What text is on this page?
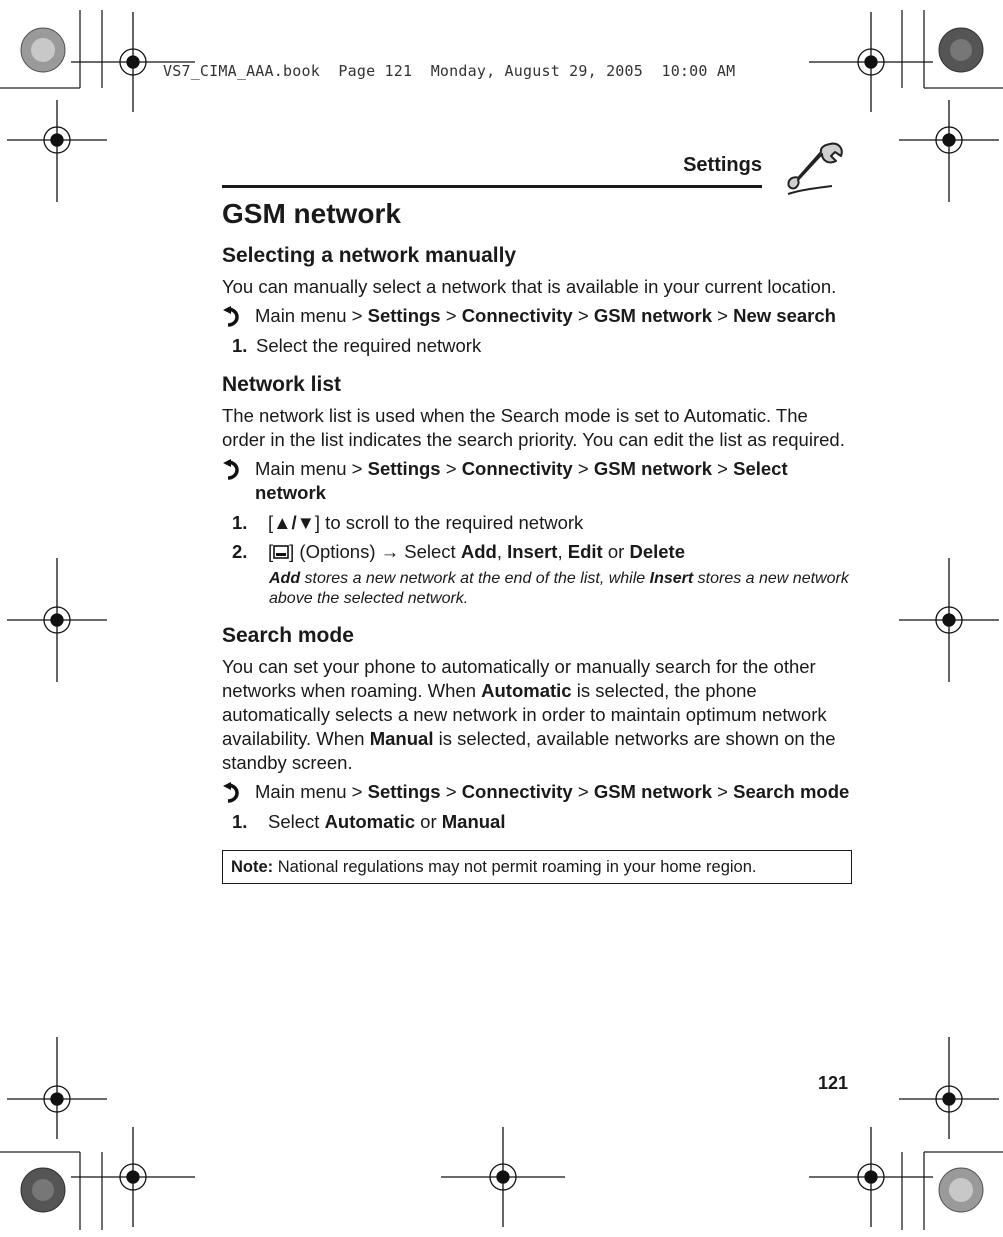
VS7_CIMA_AAA.book  Page 121  Monday, August 29, 2005  10:00 AM
Settings
GSM network
Selecting a network manually

You can manually select a network that is available in your current location.

Main menu > Settings > Connectivity > GSM network > New search
1. Select the required network
Network list

The network list is used when the Search mode is set to Automatic. The order in the list indicates the search priority. You can edit the list as required.

Main menu > Settings > Connectivity > GSM network > Select network
1.	[▲/▼] to scroll to the required network
2.	[ ] (Options) → Select Add, Insert, Edit or Delete
Add stores a new network at the end of the list, while Insert stores a new network above the selected network.
Search mode

You can set your phone to automatically or manually search for the other networks when roaming. When Automatic is selected, the phone automatically selects a new network in order to maintain optimum network availability. When Manual is selected, available networks are shown on the standby screen.

Main menu > Settings > Connectivity > GSM network > Search mode
1.	Select Automatic or Manual
Note: National regulations may not permit roaming in your home region.
121
